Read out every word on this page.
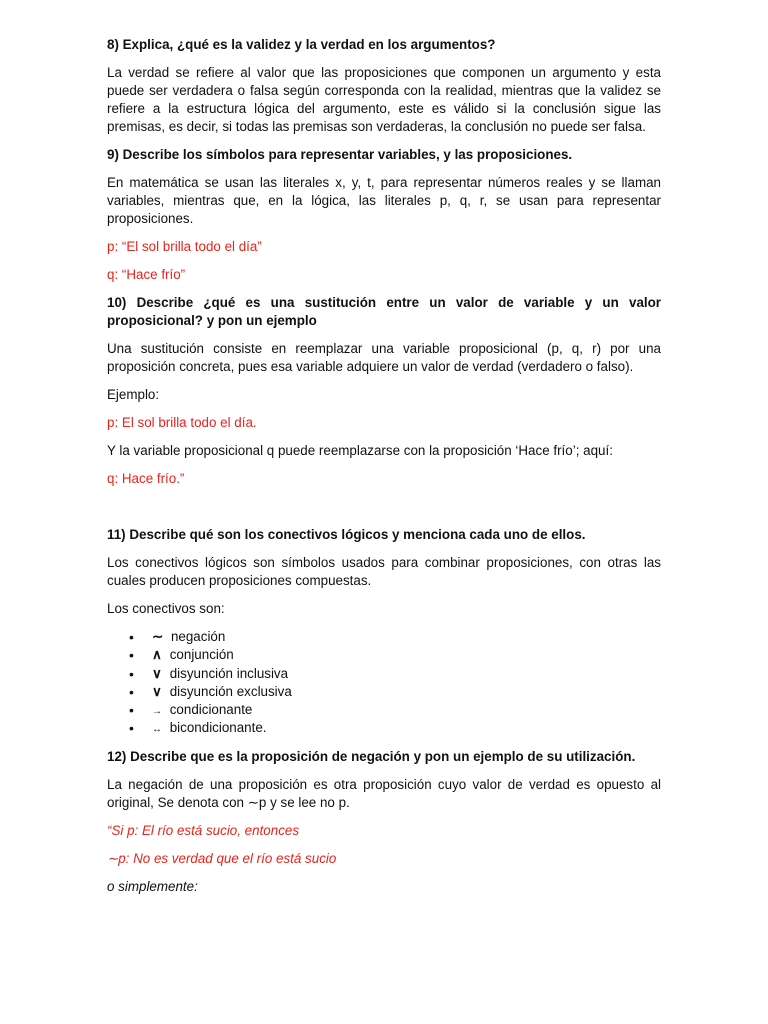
8) Explica, ¿qué es la validez y la verdad en los argumentos?
La verdad se refiere al valor que las proposiciones que componen un argumento y esta puede ser verdadera o falsa según corresponda con la realidad, mientras que la validez se refiere a la estructura lógica del argumento, este es válido si la conclusión sigue las premisas, es decir, si todas las premisas son verdaderas, la conclusión no puede ser falsa.
9) Describe los símbolos para representar variables, y las proposiciones.
En matemática se usan las literales x, y, t, para representar números reales y se llaman variables, mientras que, en la lógica, las literales p, q, r, se usan para representar proposiciones.
p: “El sol brilla todo el día”
q: “Hace frío”
10) Describe ¿qué es una sustitución entre un valor de variable y un valor proposicional? y pon un ejemplo
Una sustitución consiste en reemplazar una variable proposicional (p, q, r) por una proposición concreta, pues esa variable adquiere un valor de verdad (verdadero o falso).
Ejemplo:
p: El sol brilla todo el día.
Y la variable proposicional q puede reemplazarse con la proposición ‘Hace frío’; aquí:
q: Hace frío.”
11) Describe qué son los conectivos lógicos y menciona cada uno de ellos.
Los conectivos lógicos son símbolos usados para combinar proposiciones, con otras las cuales producen proposiciones compuestas.
Los conectivos son:
• ∼ negación
• ∧ conjunción
• ∨ disyunción inclusiva
• ∨ disyunción exclusiva
• → condicionante
• ↔ bicondicionante.
12) Describe que es la proposición de negación y pon un ejemplo de su utilización.
La negación de una proposición es otra proposición cuyo valor de verdad es opuesto al original, Se denota con ∼p y se lee no p.
“Si p: El río está sucio, entonces
∼p: No es verdad que el río está sucio
o simplemente:
